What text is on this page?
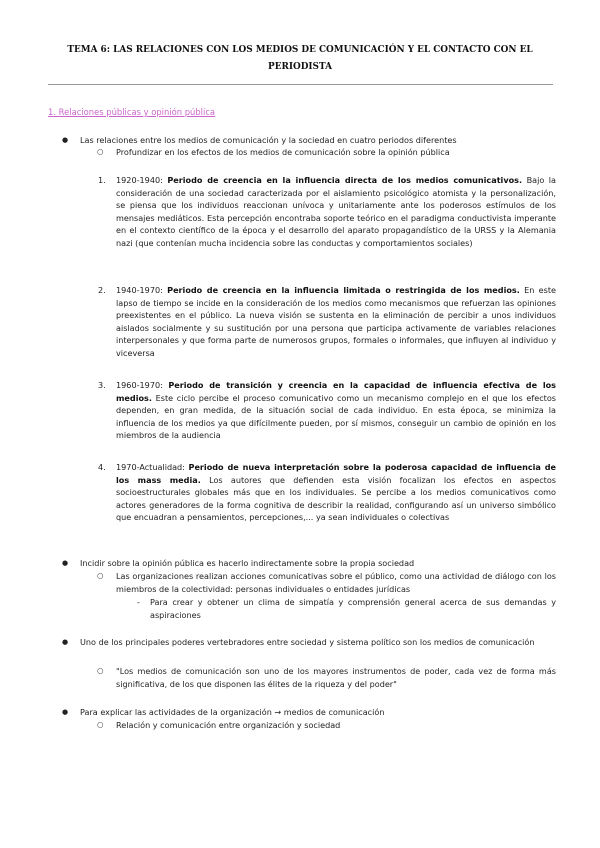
TEMA 6: LAS RELACIONES CON LOS MEDIOS DE COMUNICACIÓN Y EL CONTACTO CON EL PERIODISTA
1. Relaciones públicas y opinión pública
● Las relaciones entre los medios de comunicación y la sociedad en cuatro periodos diferentes
○ Profundizar en los efectos de los medios de comunicación sobre la opinión pública
1. 1920-1940: Periodo de creencia en la influencia directa de los medios comunicativos. Bajo la consideración de una sociedad caracterizada por el aislamiento psicológico atomista y la personalización, se piensa que los individuos reaccionan unívoca y unitariamente ante los poderosos estímulos de los mensajes mediáticos. Esta percepción encontraba soporte teórico en el paradigma conductivista imperante en el contexto científico de la época y el desarrollo del aparato propagandístico de la URSS y la Alemania nazi (que contenían mucha incidencia sobre las conductas y comportamientos sociales)
2. 1940-1970: Periodo de creencia en la influencia limitada o restringida de los medios. En este lapso de tiempo se incide en la consideración de los medios como mecanismos que refuerzan las opiniones preexistentes en el público. La nueva visión se sustenta en la eliminación de percibir a unos individuos aislados socialmente y su sustitución por una persona que participa activamente de variables relaciones interpersonales y que forma parte de numerosos grupos, formales o informales, que influyen al individuo y viceversa
3. 1960-1970: Periodo de transición y creencia en la capacidad de influencia efectiva de los medios. Este ciclo percibe el proceso comunicativo como un mecanismo complejo en el que los efectos dependen, en gran medida, de la situación social de cada individuo. En esta época, se minimiza la influencia de los medios ya que difícilmente pueden, por sí mismos, conseguir un cambio de opinión en los miembros de la audiencia
4. 1970-Actualidad: Periodo de nueva interpretación sobre la poderosa capacidad de influencia de los mass media. Los autores que defienden esta visión focalizan los efectos en aspectos socioestructurales globales más que en los individuales. Se percibe a los medios comunicativos como actores generadores de la forma cognitiva de describir la realidad, configurando así un universo simbólico que encuadran a pensamientos, percepciones,... ya sean individuales o colectivas
● Incidir sobre la opinión pública es hacerlo indirectamente sobre la propia sociedad
○ Las organizaciones realizan acciones comunicativas sobre el público, como una actividad de diálogo con los miembros de la colectividad: personas individuales o entidades jurídicas
- Para crear y obtener un clima de simpatía y comprensión general acerca de sus demandas y aspiraciones
● Uno de los principales poderes vertebradores entre sociedad y sistema político son los medios de comunicación
○ "Los medios de comunicación son uno de los mayores instrumentos de poder, cada vez de forma más significativa, de los que disponen las élites de la riqueza y del poder"
● Para explicar las actividades de la organización → medios de comunicación
○ Relación y comunicación entre organización y sociedad
